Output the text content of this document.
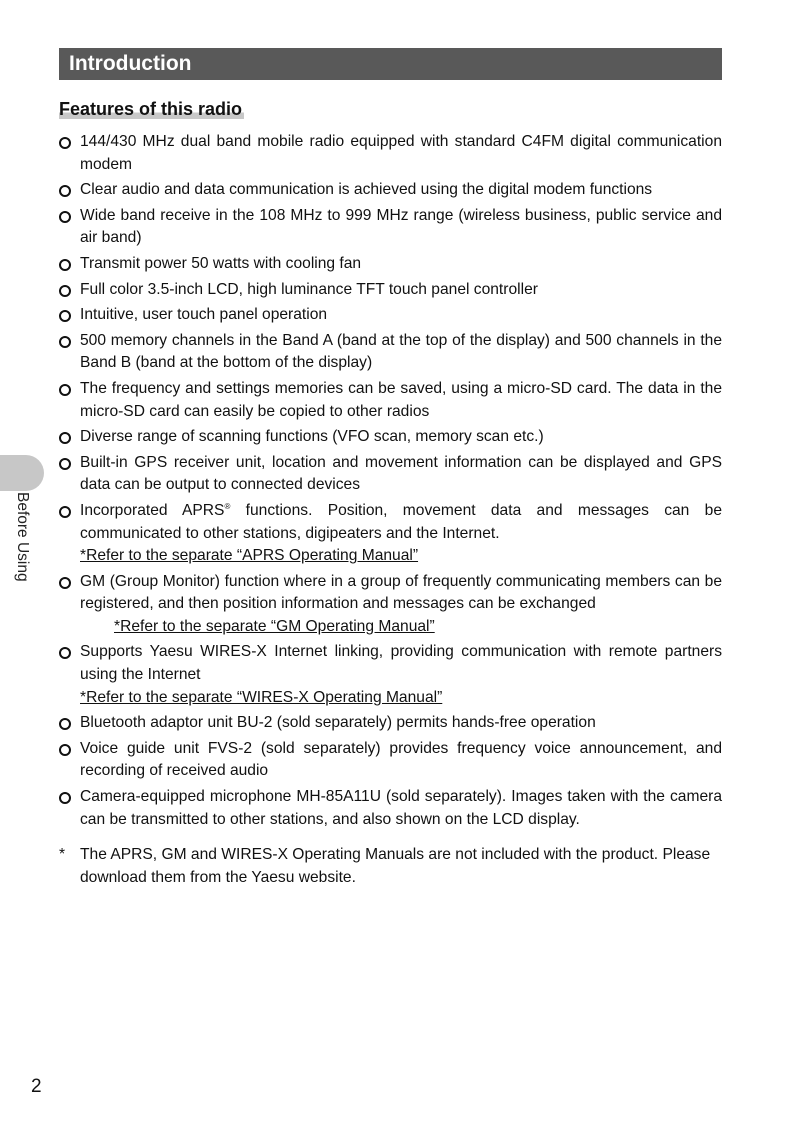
Introduction
Features of this radio
144/430 MHz dual band mobile radio equipped with standard C4FM digital communication modem
Clear audio and data communication is achieved using the digital modem functions
Wide band receive in the 108 MHz to 999 MHz range (wireless business, public service and air band)
Transmit power 50 watts with cooling fan
Full color 3.5-inch LCD, high luminance TFT touch panel controller
Intuitive, user touch panel operation
500 memory channels in the Band A (band at the top of the display) and 500 channels in the Band B (band at the bottom of the display)
The frequency and settings memories can be saved, using a micro-SD card. The data in the micro-SD card can easily be copied to other radios
Diverse range of scanning functions (VFO scan, memory scan etc.)
Built-in GPS receiver unit, location and movement information can be displayed and GPS data can be output to connected devices
Incorporated APRS® functions. Position, movement data and messages can be communicated to other stations, digipeaters and the Internet.
*Refer to the separate “APRS Operating Manual”
GM (Group Monitor) function where in a group of frequently communicating members can be registered, and then position information and messages can be exchanged
*Refer to the separate “GM Operating Manual”
Supports Yaesu WIRES-X Internet linking, providing communication with remote partners using the Internet
*Refer to the separate “WIRES-X Operating Manual”
Bluetooth adaptor unit BU-2 (sold separately) permits hands-free operation
Voice guide unit FVS-2 (sold separately) provides frequency voice announcement, and recording of received audio
Camera-equipped microphone MH-85A11U (sold separately). Images taken with the camera can be transmitted to other stations, and also shown on the LCD display.
* The APRS, GM and WIRES-X Operating Manuals are not included with the product. Please download them from the Yaesu website.
Before Using
2
